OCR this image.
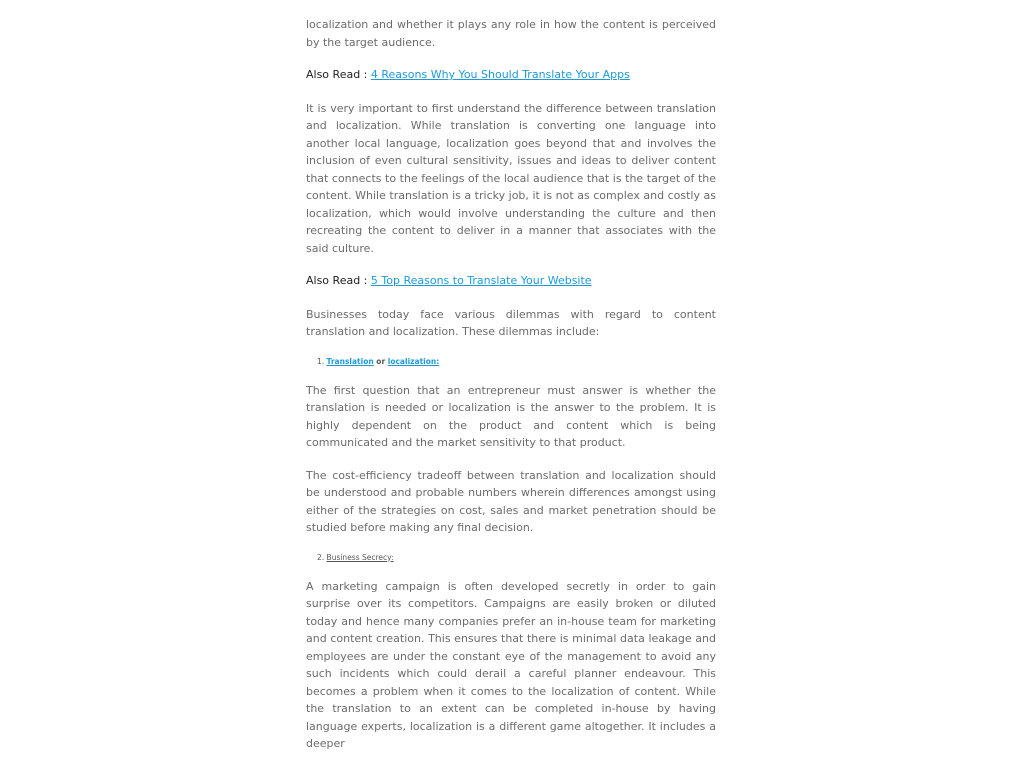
localization and whether it plays any role in how the content is perceived by the target audience.

Also Read : 4 Reasons Why You Should Translate Your Apps

It is very important to first understand the difference between translation and localization. While translation is converting one language into another local language, localization goes beyond that and involves the inclusion of even cultural sensitivity, issues and ideas to deliver content that connects to the feelings of the local audience that is the target of the content. While translation is a tricky job, it is not as complex and costly as localization, which would involve understanding the culture and then recreating the content to deliver in a manner that associates with the said culture.

Also Read : 5 Top Reasons to Translate Your Website

Businesses today face various dilemmas with regard to content translation and localization. These dilemmas include:

1. Translation or localization:

The first question that an entrepreneur must answer is whether the translation is needed or localization is the answer to the problem. It is highly dependent on the product and content which is being communicated and the market sensitivity to that product.

The cost-efficiency tradeoff between translation and localization should be understood and probable numbers wherein differences amongst using either of the strategies on cost, sales and market penetration should be studied before making any final decision.

2. Business Secrecy:

A marketing campaign is often developed secretly in order to gain surprise over its competitors. Campaigns are easily broken or diluted today and hence many companies prefer an in-house team for marketing and content creation. This ensures that there is minimal data leakage and employees are under the constant eye of the management to avoid any such incidents which could derail a careful planner endeavour. This becomes a problem when it comes to the localization of content. While the translation to an extent can be completed in-house by having language experts, localization is a different game altogether. It includes a deeper
